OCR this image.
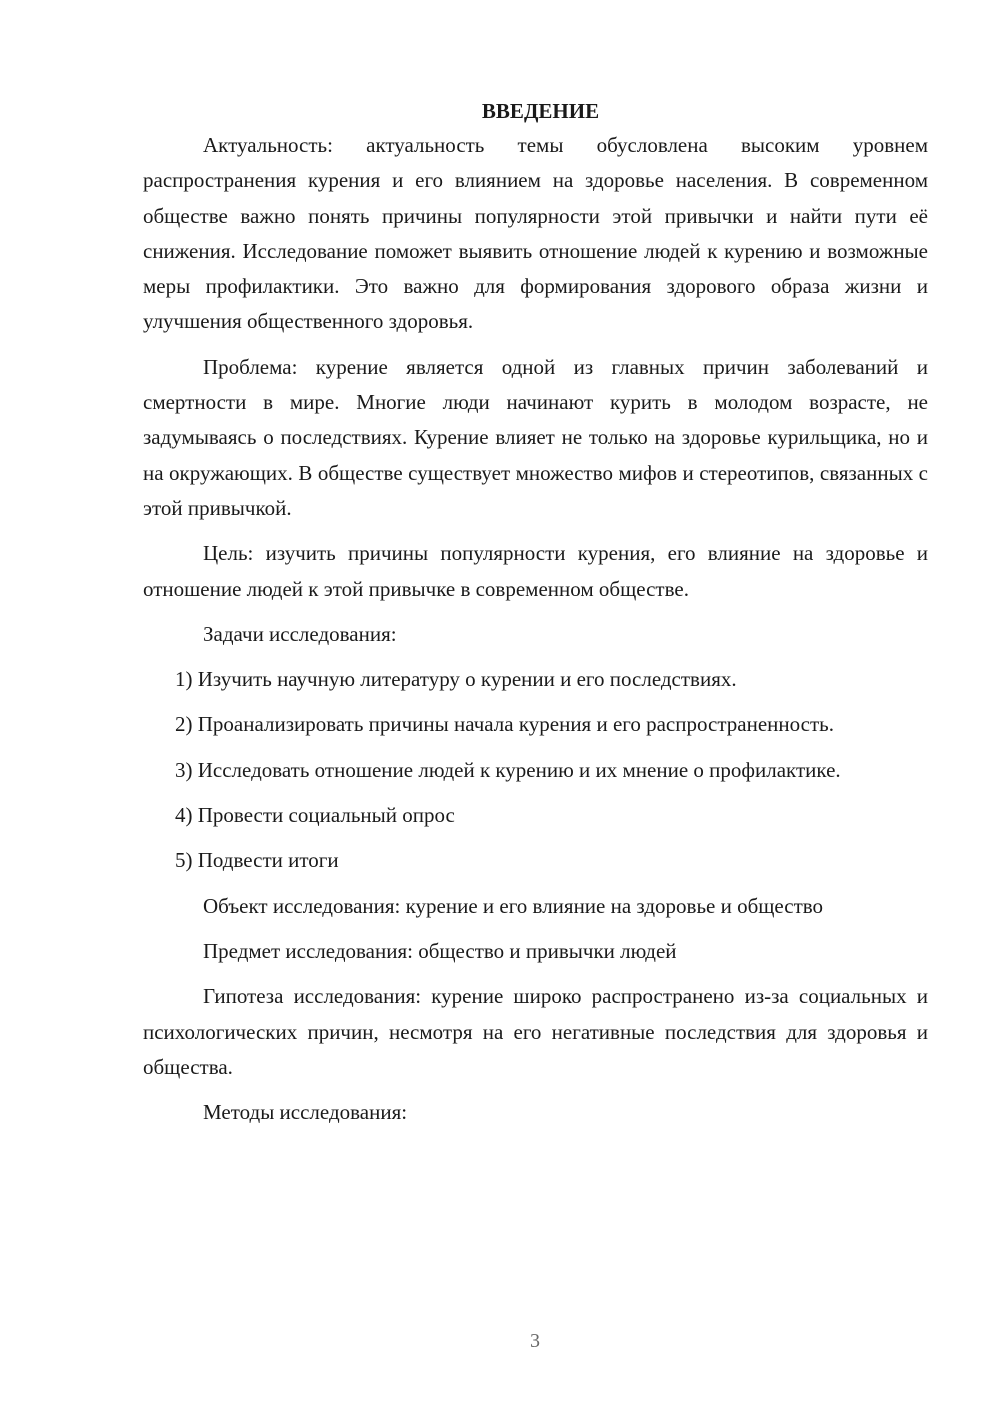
ВВЕДЕНИЕ

Актуальность: актуальность темы обусловлена высоким уровнем распространения курения и его влиянием на здоровье населения. В современном обществе важно понять причины популярности этой привычки и найти пути её снижения. Исследование поможет выявить отношение людей к курению и возможные меры профилактики. Это важно для формирования здорового образа жизни и улучшения общественного здоровья.

Проблема: курение является одной из главных причин заболеваний и смертности в мире. Многие люди начинают курить в молодом возрасте, не задумываясь о последствиях. Курение влияет не только на здоровье курильщика, но и на окружающих. В обществе существует множество мифов и стереотипов, связанных с этой привычкой.

Цель: изучить причины популярности курения, его влияние на здоровье и отношение людей к этой привычке в современном обществе.

Задачи исследования:

1) Изучить научную литературу о курении и его последствиях.

2) Проанализировать причины начала курения и его распространенность.

3) Исследовать отношение людей к курению и их мнение о профилактике.

4) Провести социальный опрос

5) Подвести итоги

Объект исследования: курение и его влияние на здоровье и общество

Предмет исследования: общество и привычки людей

Гипотеза исследования: курение широко распространено из-за социальных и психологических причин, несмотря на его негативные последствия для здоровья и общества.

Методы исследования:

3
